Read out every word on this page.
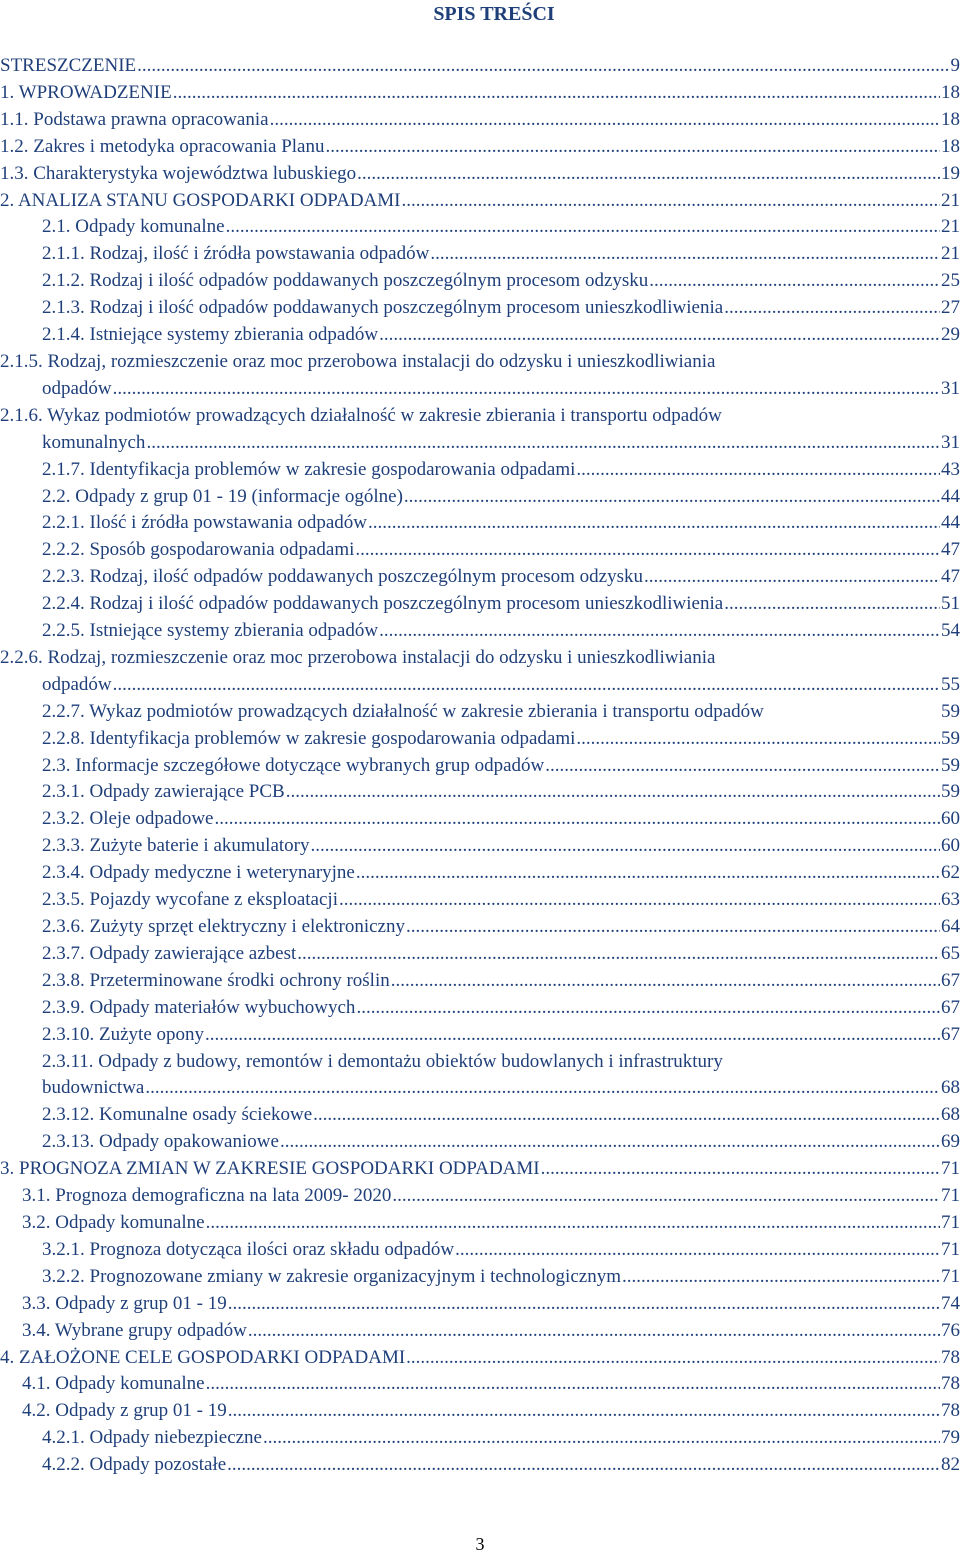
SPIS TREŚCI
STRESZCZENIE .....	9
1. WPROWADZENIE .....	18
1.1. Podstawa prawna opracowania .....	18
1.2. Zakres i metodyka opracowania Planu .....	18
1.3. Charakterystyka województwa lubuskiego .....	19
2. ANALIZA STANU GOSPODARKI ODPADAMI .....	21
2.1. Odpady komunalne .....	21
2.1.1. Rodzaj, ilość i źródła powstawania odpadów .....	21
2.1.2. Rodzaj i ilość odpadów poddawanych poszczególnym procesom odzysku .....	25
2.1.3. Rodzaj i ilość odpadów poddawanych poszczególnym procesom unieszkodliwienia .....	27
2.1.4. Istniejące systemy zbierania odpadów .....	29
2.1.5. Rodzaj, rozmieszczenie oraz moc przerobowa instalacji do odzysku i unieszkodliwiania
odpadów .....	31
2.1.6. Wykaz podmiotów prowadzących działalność w zakresie zbierania i transportu odpadów
komunalnych .....	31
2.1.7. Identyfikacja problemów w zakresie gospodarowania odpadami .....	43
2.2. Odpady z grup 01 - 19 (informacje ogólne) .....	44
2.2.1. Ilość i źródła powstawania odpadów .....	44
2.2.2. Sposób gospodarowania odpadami .....	47
2.2.3. Rodzaj, ilość odpadów poddawanych poszczególnym procesom odzysku .....	47
2.2.4. Rodzaj i ilość odpadów poddawanych poszczególnym procesom unieszkodliwienia .....	51
2.2.5. Istniejące systemy zbierania odpadów .....	54
2.2.6. Rodzaj, rozmieszczenie oraz moc przerobowa instalacji do odzysku i unieszkodliwiania
odpadów .....	55
2.2.7. Wykaz podmiotów prowadzących działalność w zakresie zbierania i transportu odpadów	59
2.2.8. Identyfikacja problemów w zakresie gospodarowania odpadami .....	59
2.3. Informacje szczegółowe dotyczące wybranych grup odpadów .....	59
2.3.1. Odpady zawierające PCB .....	59
2.3.2. Oleje odpadowe .....	60
2.3.3. Zużyte baterie i akumulatory .....	60
2.3.4. Odpady medyczne i weterynaryjne .....	62
2.3.5. Pojazdy wycofane z eksploatacji .....	63
2.3.6. Zużyty sprzęt elektryczny i elektroniczny .....	64
2.3.7. Odpady zawierające azbest .....	65
2.3.8. Przeterminowane środki ochrony roślin .....	67
2.3.9. Odpady materiałów wybuchowych .....	67
2.3.10. Zużyte opony .....	67
2.3.11. Odpady z budowy, remontów i demontażu obiektów budowlanych i infrastruktury
budownictwa .....	68
2.3.12. Komunalne osady ściekowe .....	68
2.3.13. Odpady opakowaniowe .....	69
3. PROGNOZA ZMIAN W ZAKRESIE GOSPODARKI ODPADAMI .....	71
3.1. Prognoza demograficzna na lata 2009- 2020 .....	71
3.2. Odpady komunalne .....	71
3.2.1. Prognoza dotycząca ilości oraz składu odpadów .....	71
3.2.2. Prognozowane zmiany w zakresie organizacyjnym i technologicznym .....	71
3.3. Odpady z grup 01 - 19 .....	74
3.4. Wybrane grupy odpadów .....	76
4. ZAŁOŻONE CELE GOSPODARKI ODPADAMI .....	78
4.1. Odpady komunalne .....	78
4.2. Odpady z grup 01 - 19 .....	78
4.2.1. Odpady niebezpieczne .....	79
4.2.2. Odpady pozostałe .....	82
3
